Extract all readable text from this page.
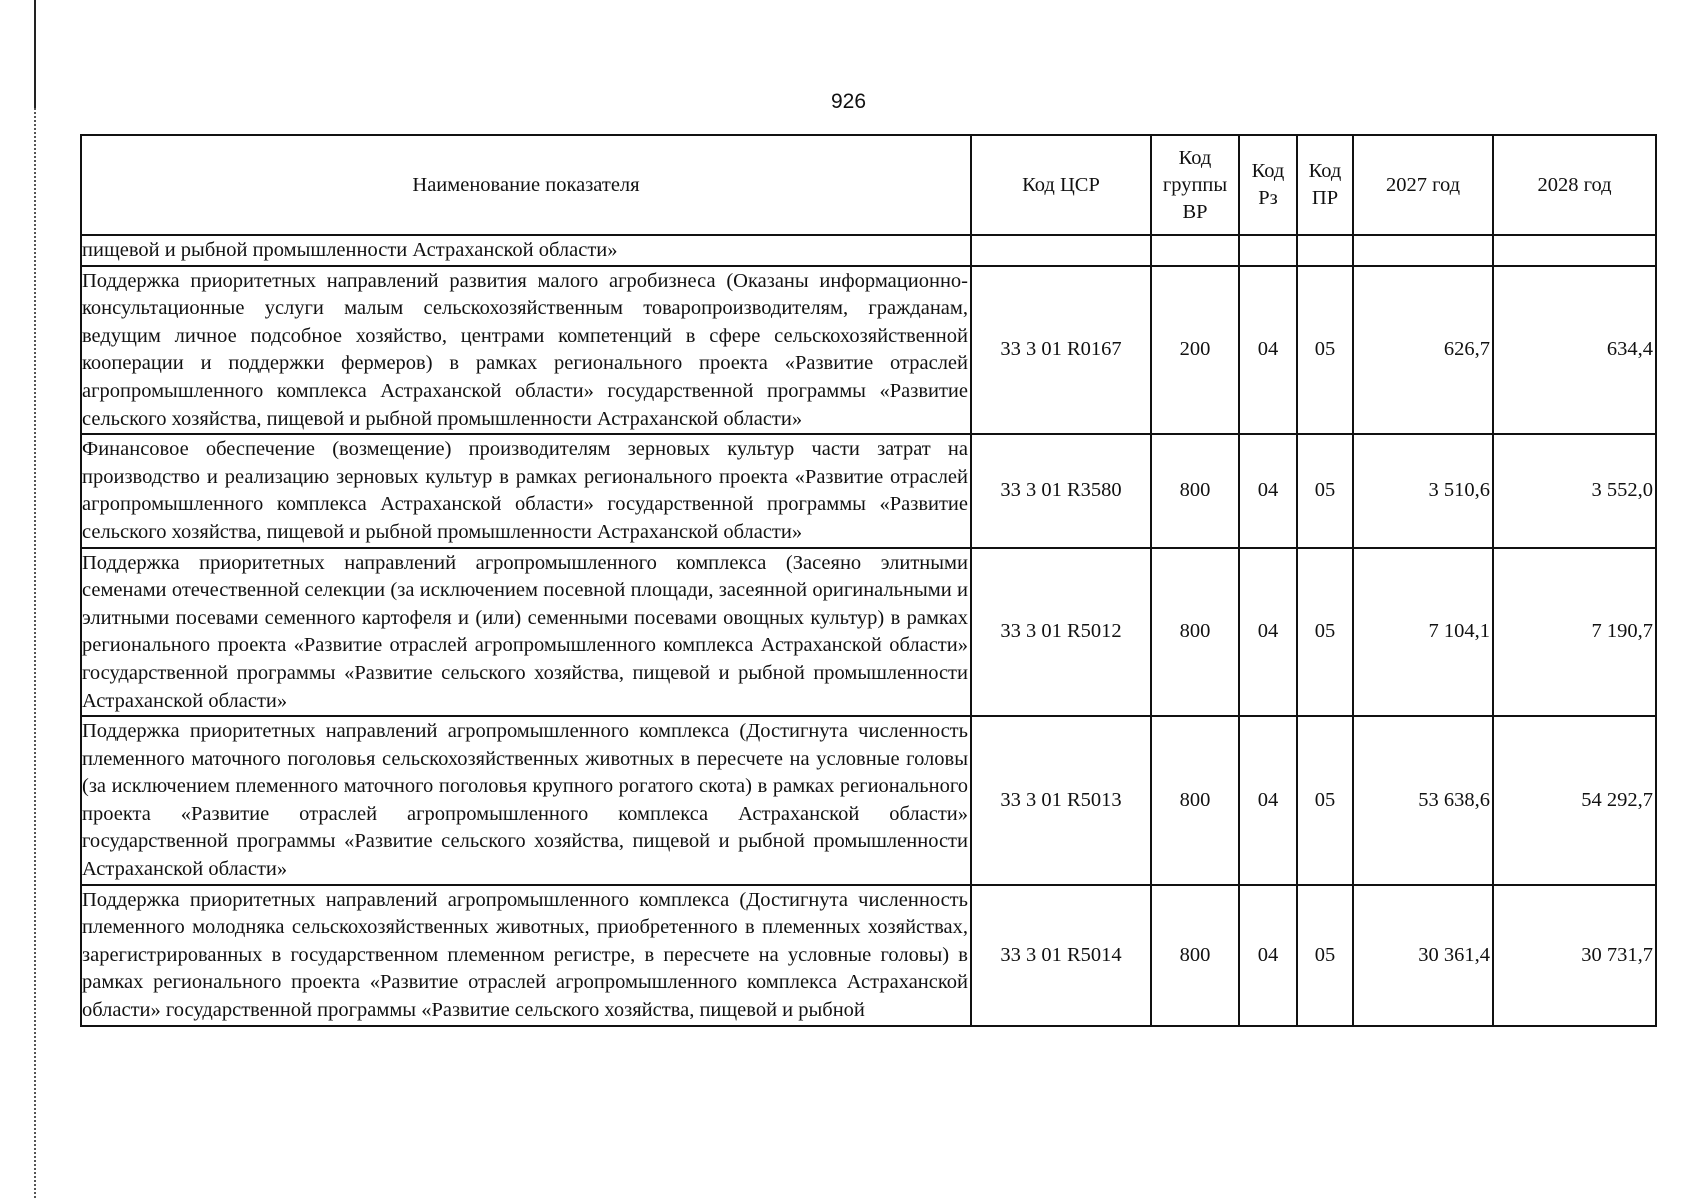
926
Наименование показателя	Код ЦСР	Код группы ВР	Код Рз	Код ПР	2027 год	2028 год
пищевой и рыбной промышленности Астраханской области»						
Поддержка приоритетных направлений развития малого агробизнеса (Оказаны информационно-консультационные услуги малым сельскохозяйственным товаропроизводителям, гражданам, ведущим личное подсобное хозяйство, центрами компетенций в сфере сельскохозяйственной кооперации и поддержки фермеров) в рамках регионального проекта «Развитие отраслей агропромышленного комплекса Астраханской области» государственной программы «Развитие сельского хозяйства, пищевой и рыбной промышленности Астраханской области»	33 3 01 R0167	200	04	05	626,7	634,4
Финансовое обеспечение (возмещение) производителям зерновых культур части затрат на производство и реализацию зерновых культур в рамках регионального проекта «Развитие отраслей агропромышленного комплекса Астраханской области» государственной программы «Развитие сельского хозяйства, пищевой и рыбной промышленности Астраханской области»	33 3 01 R3580	800	04	05	3 510,6	3 552,0
Поддержка приоритетных направлений агропромышленного комплекса (Засеяно элитными семенами отечественной селекции (за исключением посевной площади, засеянной оригинальными и элитными посевами семенного картофеля и (или) семенными посевами овощных культур) в рамках регионального проекта «Развитие отраслей агропромышленного комплекса Астраханской области» государственной программы «Развитие сельского хозяйства, пищевой и рыбной промышленности Астраханской области»	33 3 01 R5012	800	04	05	7 104,1	7 190,7
Поддержка приоритетных направлений агропромышленного комплекса (Достигнута численность племенного маточного поголовья сельскохозяйственных животных в пересчете на условные головы (за исключением племенного маточного поголовья крупного рогатого скота) в рамках регионального проекта «Развитие отраслей агропромышленного комплекса Астраханской области» государственной программы «Развитие сельского хозяйства, пищевой и рыбной промышленности Астраханской области»	33 3 01 R5013	800	04	05	53 638,6	54 292,7
Поддержка приоритетных направлений агропромышленного комплекса (Достигнута численность племенного молодняка сельскохозяйственных животных, приобретенного в племенных хозяйствах, зарегистрированных в государственном племенном регистре, в пересчете на условные головы) в рамках регионального проекта «Развитие отраслей агропромышленного комплекса Астраханской области» государственной программы «Развитие сельского хозяйства, пищевой и рыбной	33 3 01 R5014	800	04	05	30 361,4	30 731,7
